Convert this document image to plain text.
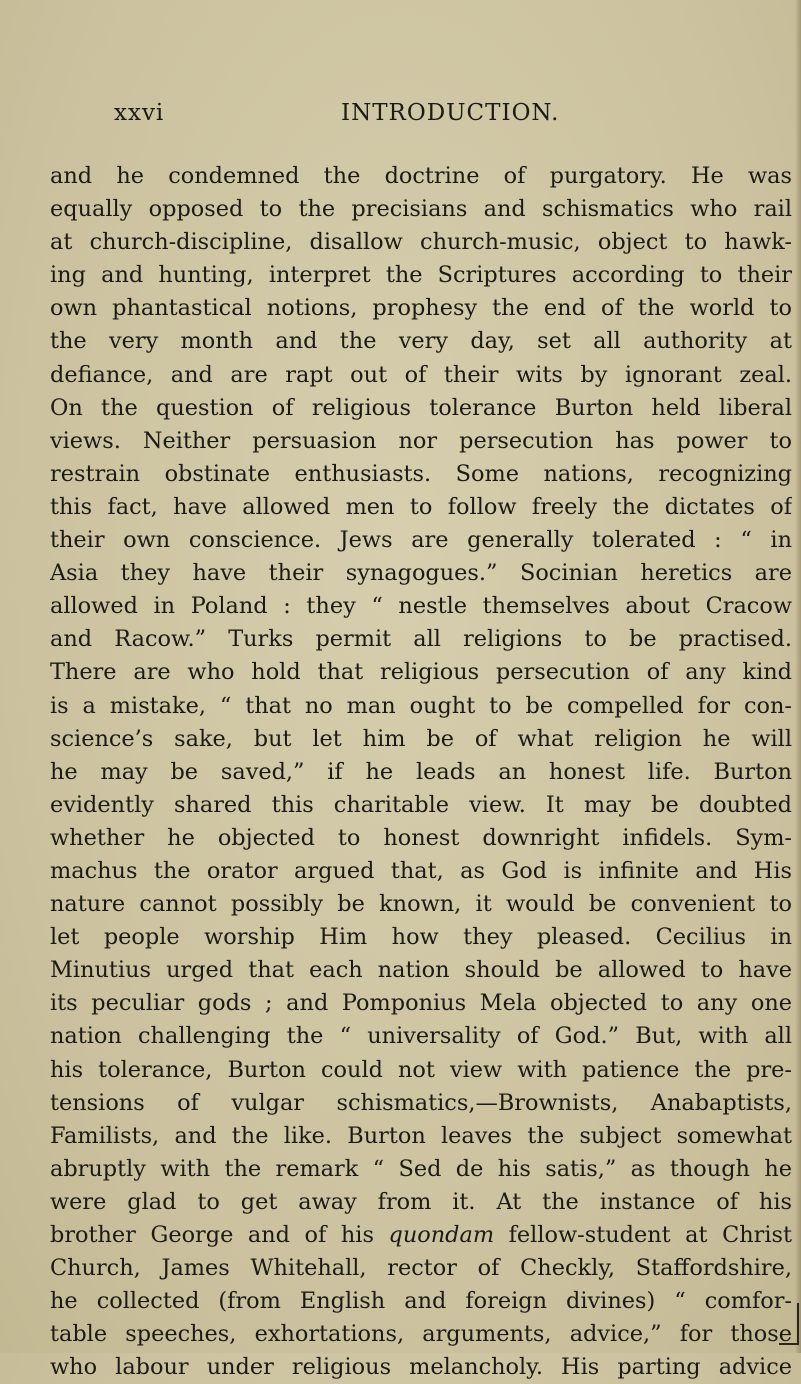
xxvi	INTRODUCTION.
and he condemned the doctrine of purgatory. He was
equally opposed to the precisians and schismatics who rail
at church-discipline, disallow church-music, object to hawk-
ing and hunting, interpret the Scriptures according to their
own phantastical notions, prophesy the end of the world to
the very month and the very day, set all authority at
defiance, and are rapt out of their wits by ignorant zeal.
On the question of religious tolerance Burton held liberal
views. Neither persuasion nor persecution has power to
restrain obstinate enthusiasts. Some nations, recognizing
this fact, have allowed men to follow freely the dictates of
their own conscience. Jews are generally tolerated : “ in
Asia they have their synagogues.” Socinian heretics are
allowed in Poland : they “ nestle themselves about Cracow
and Racow.” Turks permit all religions to be practised.
There are who hold that religious persecution of any kind
is a mistake, “ that no man ought to be compelled for con-
science’s sake, but let him be of what religion he will
he may be saved,” if he leads an honest life. Burton
evidently shared this charitable view. It may be doubted
whether he objected to honest downright infidels. Sym-
machus the orator argued that, as God is infinite and His
nature cannot possibly be known, it would be convenient to
let people worship Him how they pleased. Cecilius in
Minutius urged that each nation should be allowed to have
its peculiar gods ; and Pomponius Mela objected to any one
nation challenging the “ universality of God.” But, with all
his tolerance, Burton could not view with patience the pre-
tensions of vulgar schismatics,—Brownists, Anabaptists,
Familists, and the like. Burton leaves the subject somewhat
abruptly with the remark “ Sed de his satis,” as though he
were glad to get away from it. At the instance of his
brother George and of his quondam fellow-student at Christ
Church, James Whitehall, rector of Checkly, Staffordshire,
he collected (from English and foreign divines) “ comfor-
table speeches, exhortations, arguments, advice,” for those
who labour under religious melancholy. His parting advice
